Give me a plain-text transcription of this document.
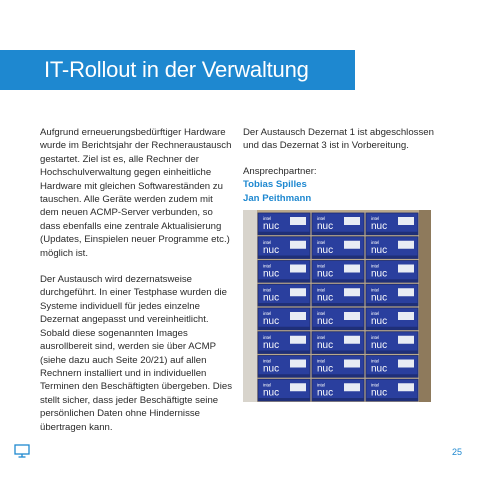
IT-Rollout in der Verwaltung

Aufgrund erneuerungsbedürftiger Hardware wurde im Berichtsjahr der Rechneraustausch gestartet. Ziel ist es, alle Rechner der Hochschulverwaltung gegen einheitliche Hardware mit gleichen Softwareständen zu tauschen. Alle Geräte werden zudem mit dem neuen ACMP-Server verbunden, so dass ebenfalls eine zentrale Aktualisierung (Updates, Einspielen neuer Programme etc.) möglich ist.

Der Austausch wird dezernatsweise durchgeführt. In einer Testphase wurden die Systeme individuell für jedes einzelne Dezernat angepasst und vereinheitlicht. Sobald diese sogenannten Images ausrollbereit sind, werden sie über ACMP (siehe dazu auch Seite 20/21) auf allen Rechnern installiert und in individuellen Terminen den Beschäftigten übergeben. Dies stellt sicher, dass jeder Beschäftigte seine persönlichen Daten ohne Hindernisse übertragen kann.

Der Austausch Dezernat 1 ist abgeschlossen und das Dezernat 3 ist in Vorbereitung.

Ansprechpartner:
Tobias Spilles
Jan Peithmann
intel
nuc
intel
nuc
intel
nuc
intel
nuc
intel
nuc
intel
nuc
intel
nuc
intel
nuc
intel
nuc
intel
nuc
intel
nuc
intel
nuc
intel
nuc
intel
nuc
intel
nuc
intel
nuc
intel
nuc
intel
nuc
intel
nuc
intel
nuc
intel
nuc
intel
nuc
intel
nuc
intel
nuc
25
